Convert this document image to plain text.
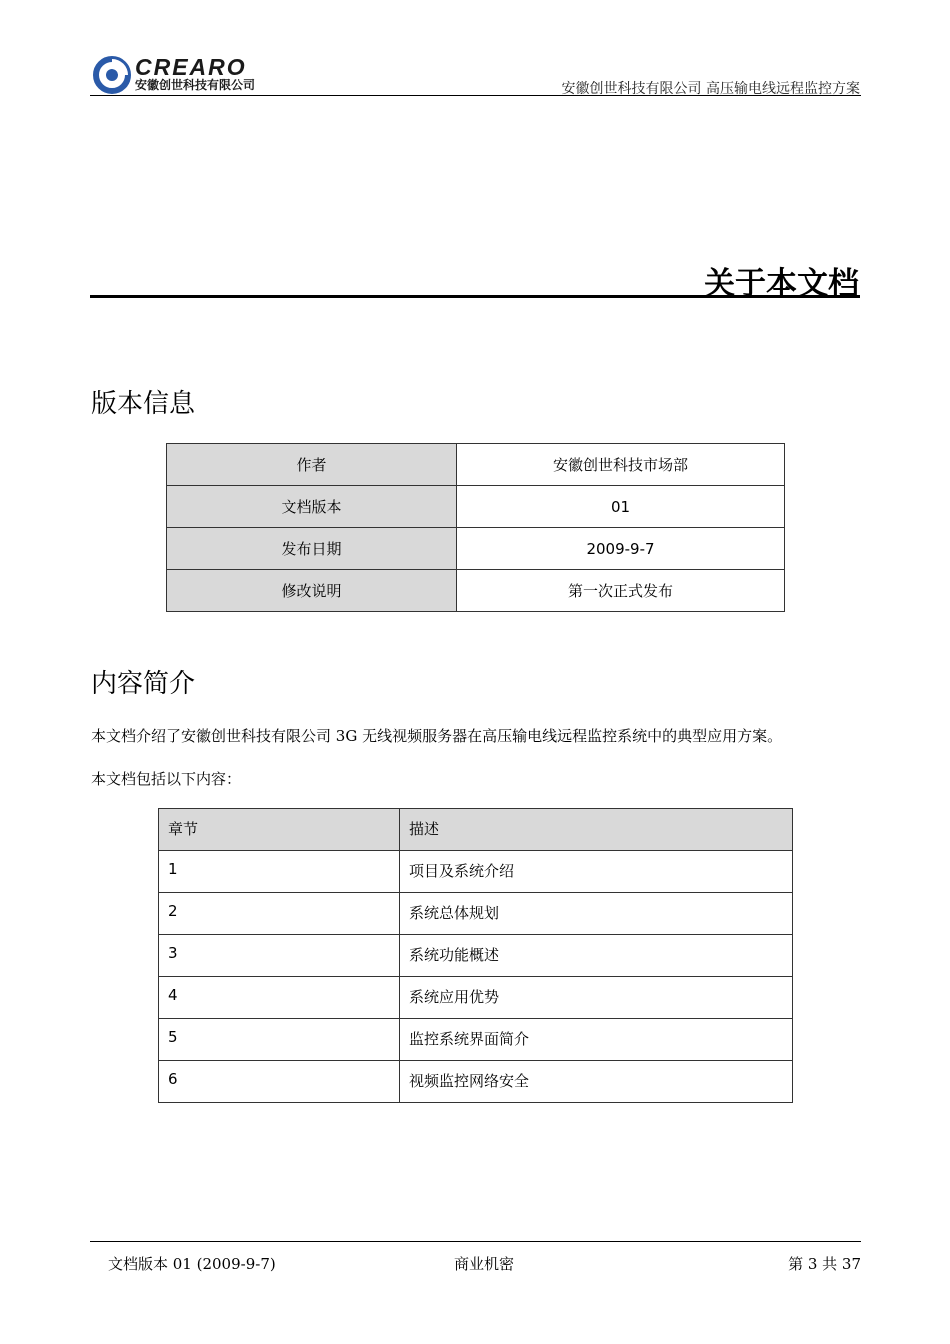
CREARO
安徽创世科技有限公司	安徽创世科技有限公司 高压输电线远程监控方案
关于本文档
版本信息
作者	安徽创世科技市场部
文档版本	01
发布日期	2009-9-7
修改说明	第一次正式发布
内容简介
本文档介绍了安徽创世科技有限公司 3G 无线视频服务器在高压输电线远程监控系统中的典型应用方案。
本文档包括以下内容：
章节	描述
1	项目及系统介绍
2	系统总体规划
3	系统功能概述
4	系统应用优势
5	监控系统界面简介
6	视频监控网络安全
文档版本 01 (2009-9-7)	商业机密	第 3 共 37
